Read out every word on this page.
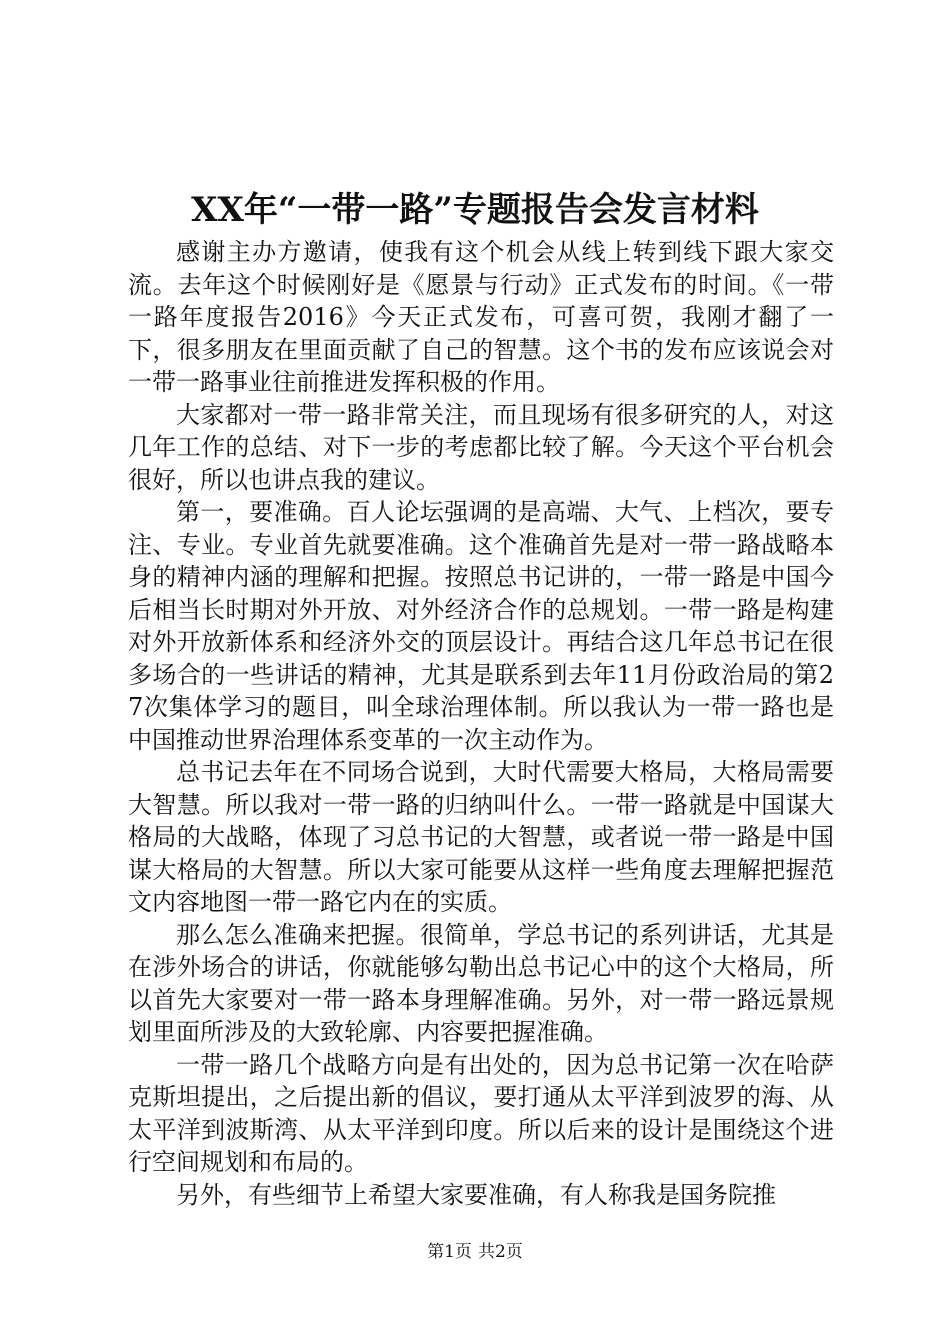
XX年“一带一路”专题报告会发言材料

感谢主办方邀请，使我有这个机会从线上转到线下跟大家交流。去年这个时候刚好是《愿景与行动》正式发布的时间。《一带一路年度报告2016》今天正式发布，可喜可贺，我刚才翻了一下，很多朋友在里面贡献了自己的智慧。这个书的发布应该说会对一带一路事业往前推进发挥积极的作用。

大家都对一带一路非常关注，而且现场有很多研究的人，对这几年工作的总结、对下一步的考虑都比较了解。今天这个平台机会很好，所以也讲点我的建议。

第一，要准确。百人论坛强调的是高端、大气、上档次，要专注、专业。专业首先就要准确。这个准确首先是对一带一路战略本身的精神内涵的理解和把握。按照总书记讲的，一带一路是中国今后相当长时期对外开放、对外经济合作的总规划。一带一路是构建对外开放新体系和经济外交的顶层设计。再结合这几年总书记在很多场合的一些讲话的精神，尤其是联系到去年11月份政治局的第27次集体学习的题目，叫全球治理体制。所以我认为一带一路也是中国推动世界治理体系变革的一次主动作为。

总书记去年在不同场合说到，大时代需要大格局，大格局需要大智慧。所以我对一带一路的归纳叫什么。一带一路就是中国谋大格局的大战略，体现了习总书记的大智慧，或者说一带一路是中国谋大格局的大智慧。所以大家可能要从这样一些角度去理解把握范文内容地图一带一路它内在的实质。

那么怎么准确来把握。很简单，学总书记的系列讲话，尤其是在涉外场合的讲话，你就能够勾勒出总书记心中的这个大格局，所以首先大家要对一带一路本身理解准确。另外，对一带一路远景规划里面所涉及的大致轮廓、内容要把握准确。

一带一路几个战略方向是有出处的，因为总书记第一次在哈萨克斯坦提出，之后提出新的倡议，要打通从太平洋到波罗的海、从太平洋到波斯湾、从太平洋到印度。所以后来的设计是围绕这个进行空间规划和布局的。

另外，有些细节上希望大家要准确，有人称我是国务院推

第1页 共2页
